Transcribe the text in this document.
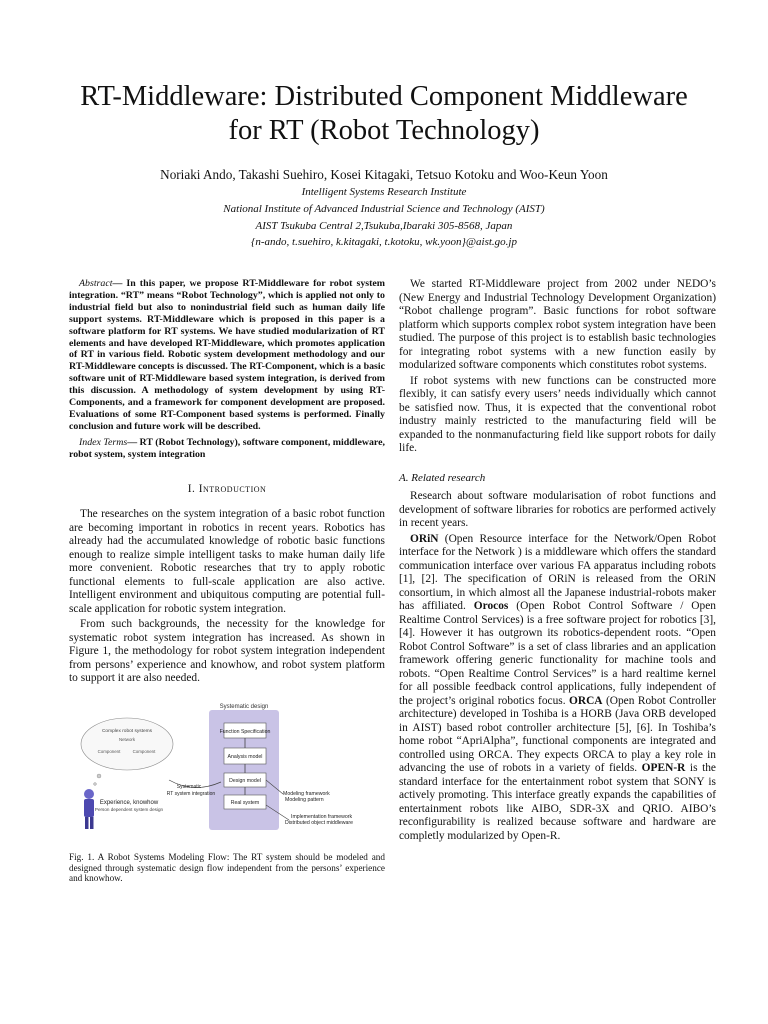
RT-Middleware: Distributed Component Middleware
for RT (Robot Technology)
Noriaki Ando, Takashi Suehiro, Kosei Kitagaki, Tetsuo Kotoku and Woo-Keun Yoon
Intelligent Systems Research Institute
National Institute of Advanced Industrial Science and Technology (AIST)
AIST Tsukuba Central 2,Tsukuba,Ibaraki 305-8568, Japan
{n-ando, t.suehiro, k.kitagaki, t.kotoku, wk.yoon}@aist.go.jp

Abstract— In this paper, we propose RT-Middleware for robot system integration. “RT” means “Robot Technology”, which is applied not only to industrial field but also to nonindustrial field such as human daily life support systems. RT-Middleware which is proposed in this paper is a software platform for RT systems. We have studied modularization of RT elements and have developed RT-Middleware, which promotes application of RT in various field. Robotic system development methodology and our RT-Middleware concepts is discussed. The RT-Component, which is a basic software unit of RT-Middleware based system integration, is derived from this discussion. A methodology of system development by using RT-Components, and a framework for component development are proposed. Evaluations of some RT-Component based systems is performed. Finally conclusion and future work will be described.

Index Terms— RT (Robot Technology), software component, middleware, robot system, system integration

I. Introduction

The researches on the system integration of a basic robot function are becoming important in robotics in recent years. Robotics has already had the accumulated knowledge of robotic basic functions enough to realize simple intelligent tasks to make human daily life more convenient. Robotic researches that try to apply robotic functional elements to full-scale application are also active. Intelligent environment and ubiquitous computing are potential full-scale application for robotic system integration.

From such backgrounds, the necessity for the knowledge for systematic robot system integration has increased. As shown in Figure 1, the methodology for robot system integration independent from persons’ experience and knowhow, and robot system platform to support it are also needed.

Systematic design
Function Specification
Analysis model
Design model
Real system
Complex robot systems
Network
Component	Component
Experience, knowhow
Person dependent system design
Systematic
RT system integration	Modeling framework
Modeling pattern
Implementation framework
Distributed object middleware
Fig. 1. A Robot Systems Modeling Flow: The RT system should be modeled and designed through systematic design flow independent from the persons’ experience and knowhow.

We started RT-Middleware project from 2002 under NEDO’s (New Energy and Industrial Technology Development Organization) “Robot challenge program”. Basic functions for robot software platform which supports complex robot system integration have been studied. The purpose of this project is to establish basic technologies for integrating robot systems with a new function easily by modularized software components which constitutes robot systems.

If robot systems with new functions can be constructed more flexibly, it can satisfy every users’ needs individually which cannot be satisfied now. Thus, it is expected that the conventional robot industry mainly restricted to the manufacturing field will be expanded to the nonmanufacturing field like support robots for daily life.

A. Related research

Research about software modularisation of robot functions and development of software libraries for robotics are performed actively in recent years.

ORiN (Open Resource interface for the Network/Open Robot interface for the Network ) is a middleware which offers the standard communication interface over various FA apparatus including robots [1], [2]. The specification of ORiN is released from the ORiN consortium, in which almost all the Japanese industrial-robots maker has affiliated. Orocos (Open Robot Control Software / Open Realtime Control Services) is a free software project for robotics [3], [4]. However it has outgrown its robotics-dependent roots. “Open Robot Control Software” is a set of class libraries and an application framework offering generic functionality for machine tools and robots. “Open Realtime Control Services” is a hard realtime kernel for all possible feedback control applications, fully independent of the project’s original robotics focus. ORCA (Open Robot Controller architecture) developed in Toshiba is a HORB (Java ORB developed in AIST) based robot controller architecture [5], [6]. In Toshiba’s home robot “ApriAlpha”, functional components are integrated and controlled using ORCA. They expects ORCA to play a key role in advancing the use of robots in a variety of fields. OPEN-R is the standard interface for the entertainment robot system that SONY is actively promoting. This interface greatly expands the capabilities of entertainment robots like AIBO, SDR-3X and QRIO. AIBO’s reconfigurability is realized because software and hardware are completly modularized by Open-R.
